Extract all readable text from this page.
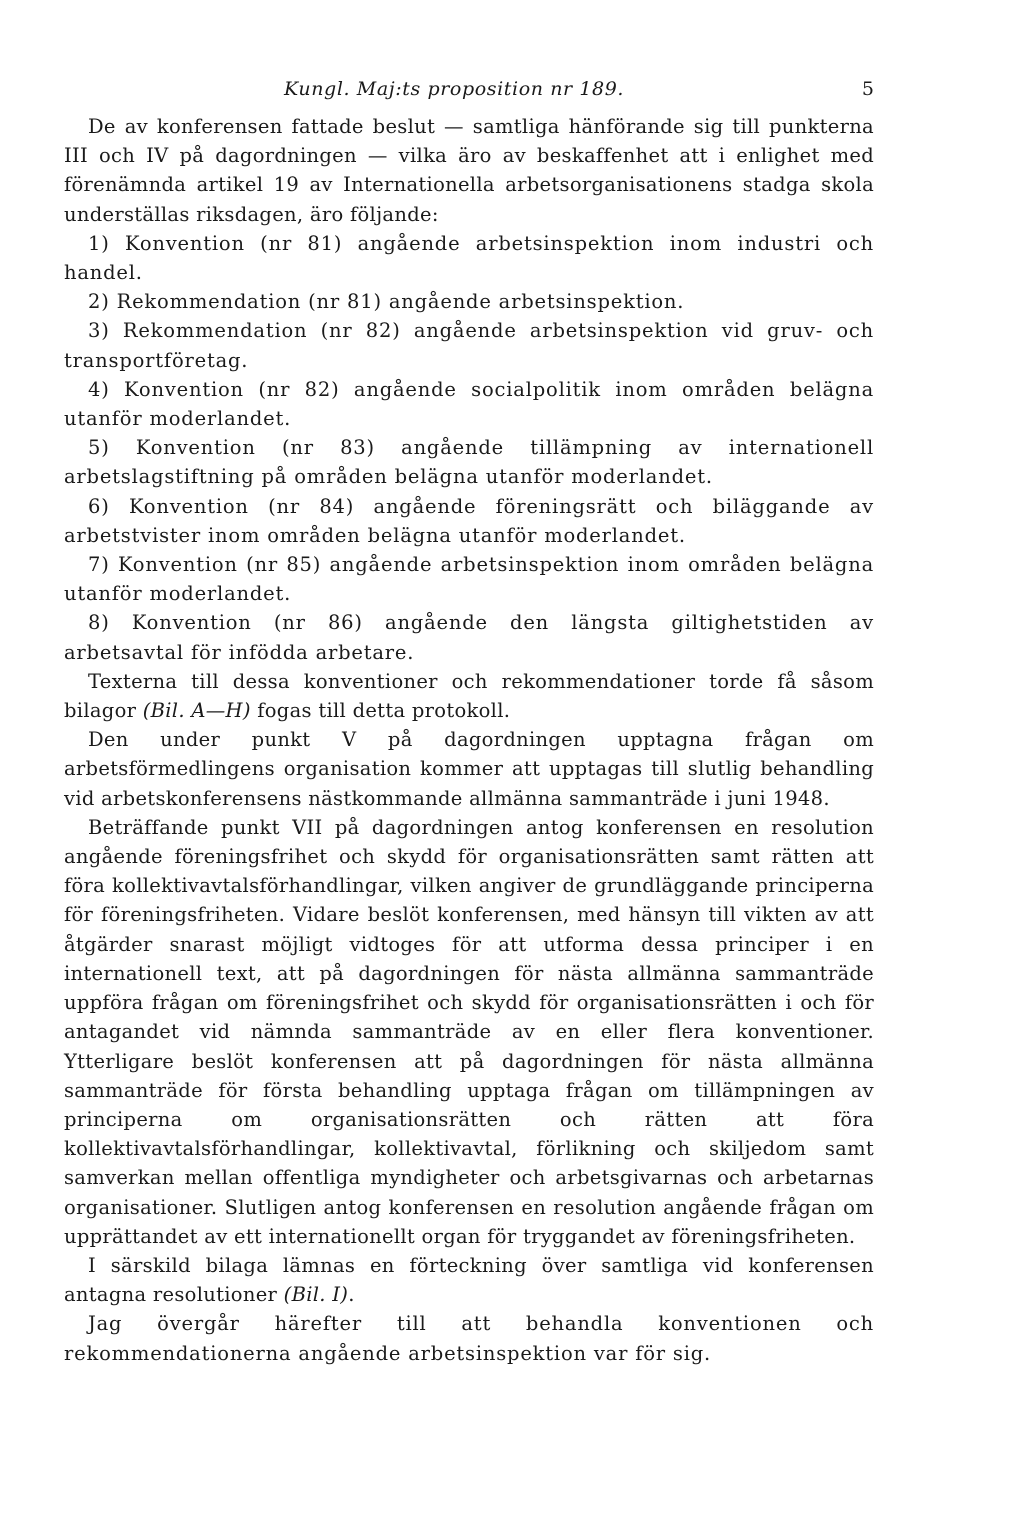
Kungl. Maj:ts proposition nr 189.	5

De av konferensen fattade beslut — samtliga hänförande sig till punkterna III och IV på dagordningen — vilka äro av beskaffenhet att i enlighet med förenämnda artikel 19 av Internationella arbetsorganisationens stadga skola underställas riksdagen, äro följande:

1) Konvention (nr 81) angående arbetsinspektion inom industri och handel.

2) Rekommendation (nr 81) angående arbetsinspektion.

3) Rekommendation (nr 82) angående arbetsinspektion vid gruv- och transportföretag.

4) Konvention (nr 82) angående socialpolitik inom områden belägna utanför moderlandet.

5) Konvention (nr 83) angående tillämpning av internationell arbetslagstiftning på områden belägna utanför moderlandet.

6) Konvention (nr 84) angående föreningsrätt och biläggande av arbetstvister inom områden belägna utanför moderlandet.

7) Konvention (nr 85) angående arbetsinspektion inom områden belägna utanför moderlandet.

8) Konvention (nr 86) angående den längsta giltighetstiden av arbetsavtal för infödda arbetare.

Texterna till dessa konventioner och rekommendationer torde få såsom bilagor (Bil. A—H) fogas till detta protokoll.

Den under punkt V på dagordningen upptagna frågan om arbetsförmedlingens organisation kommer att upptagas till slutlig behandling vid arbetskonferensens nästkommande allmänna sammanträde i juni 1948.

Beträffande punkt VII på dagordningen antog konferensen en resolution angående föreningsfrihet och skydd för organisationsrätten samt rätten att föra kollektivavtalsförhandlingar, vilken angiver de grundläggande principerna för föreningsfriheten. Vidare beslöt konferensen, med hänsyn till vikten av att åtgärder snarast möjligt vidtoges för att utforma dessa principer i en internationell text, att på dagordningen för nästa allmänna sammanträde uppföra frågan om föreningsfrihet och skydd för organisationsrätten i och för antagandet vid nämnda sammanträde av en eller flera konventioner. Ytterligare beslöt konferensen att på dagordningen för nästa allmänna sammanträde för första behandling upptaga frågan om tillämpningen av principerna om organisationsrätten och rätten att föra kollektivavtalsförhandlingar, kollektivavtal, förlikning och skiljedom samt samverkan mellan offentliga myndigheter och arbetsgivarnas och arbetarnas organisationer. Slutligen antog konferensen en resolution angående frågan om upprättandet av ett internationellt organ för tryggandet av föreningsfriheten.

I särskild bilaga lämnas en förteckning över samtliga vid konferensen antagna resolutioner (Bil. I).

Jag övergår härefter till att behandla konventionen och rekommendationerna angående arbetsinspektion var för sig.
